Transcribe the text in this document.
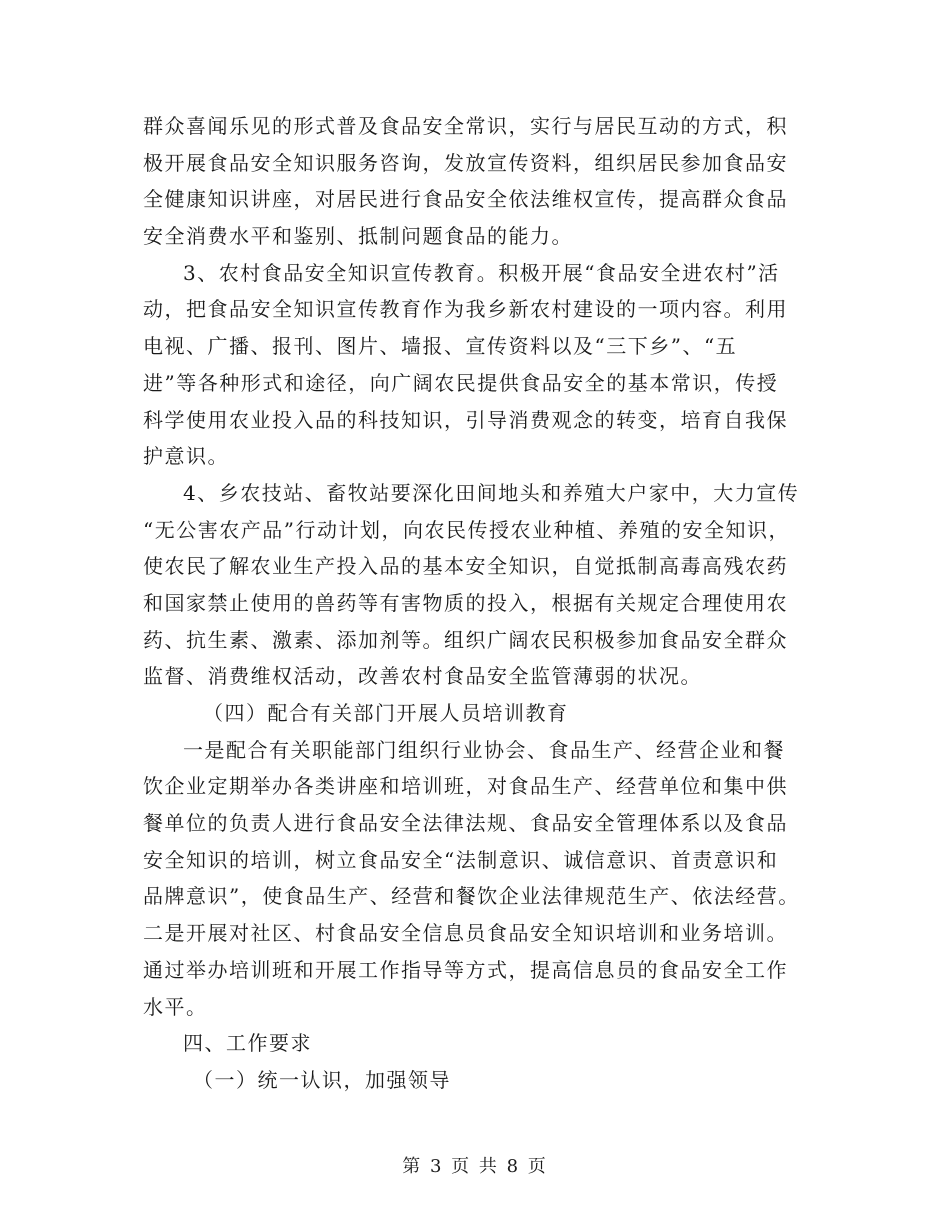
群众喜闻乐见的形式普及食品安全常识，实行与居民互动的方式，积
极开展食品安全知识服务咨询，发放宣传资料，组织居民参加食品安
全健康知识讲座，对居民进行食品安全依法维权宣传，提高群众食品
安全消费水平和鉴别、抵制问题食品的能力。
3、农村食品安全知识宣传教育。积极开展“食品安全进农村”活
动，把食品安全知识宣传教育作为我乡新农村建设的一项内容。利用
电视、广播、报刊、图片、墙报、宣传资料以及“三下乡”、“五
进”等各种形式和途径，向广阔农民提供食品安全的基本常识，传授
科学使用农业投入品的科技知识，引导消费观念的转变，培育自我保
护意识。
4、乡农技站、畜牧站要深化田间地头和养殖大户家中，大力宣传
“无公害农产品”行动计划，向农民传授农业种植、养殖的安全知识，
使农民了解农业生产投入品的基本安全知识，自觉抵制高毒高残农药
和国家禁止使用的兽药等有害物质的投入，根据有关规定合理使用农
药、抗生素、激素、添加剂等。组织广阔农民积极参加食品安全群众
监督、消费维权活动，改善农村食品安全监管薄弱的状况。
（四）配合有关部门开展人员培训教育
一是配合有关职能部门组织行业协会、食品生产、经营企业和餐
饮企业定期举办各类讲座和培训班，对食品生产、经营单位和集中供
餐单位的负责人进行食品安全法律法规、食品安全管理体系以及食品
安全知识的培训，树立食品安全“法制意识、诚信意识、首责意识和
品牌意识”，使食品生产、经营和餐饮企业法律规范生产、依法经营。
二是开展对社区、村食品安全信息员食品安全知识培训和业务培训。
通过举办培训班和开展工作指导等方式，提高信息员的食品安全工作
水平。
四、工作要求
（一）统一认识，加强领导
第 3 页 共 8 页
